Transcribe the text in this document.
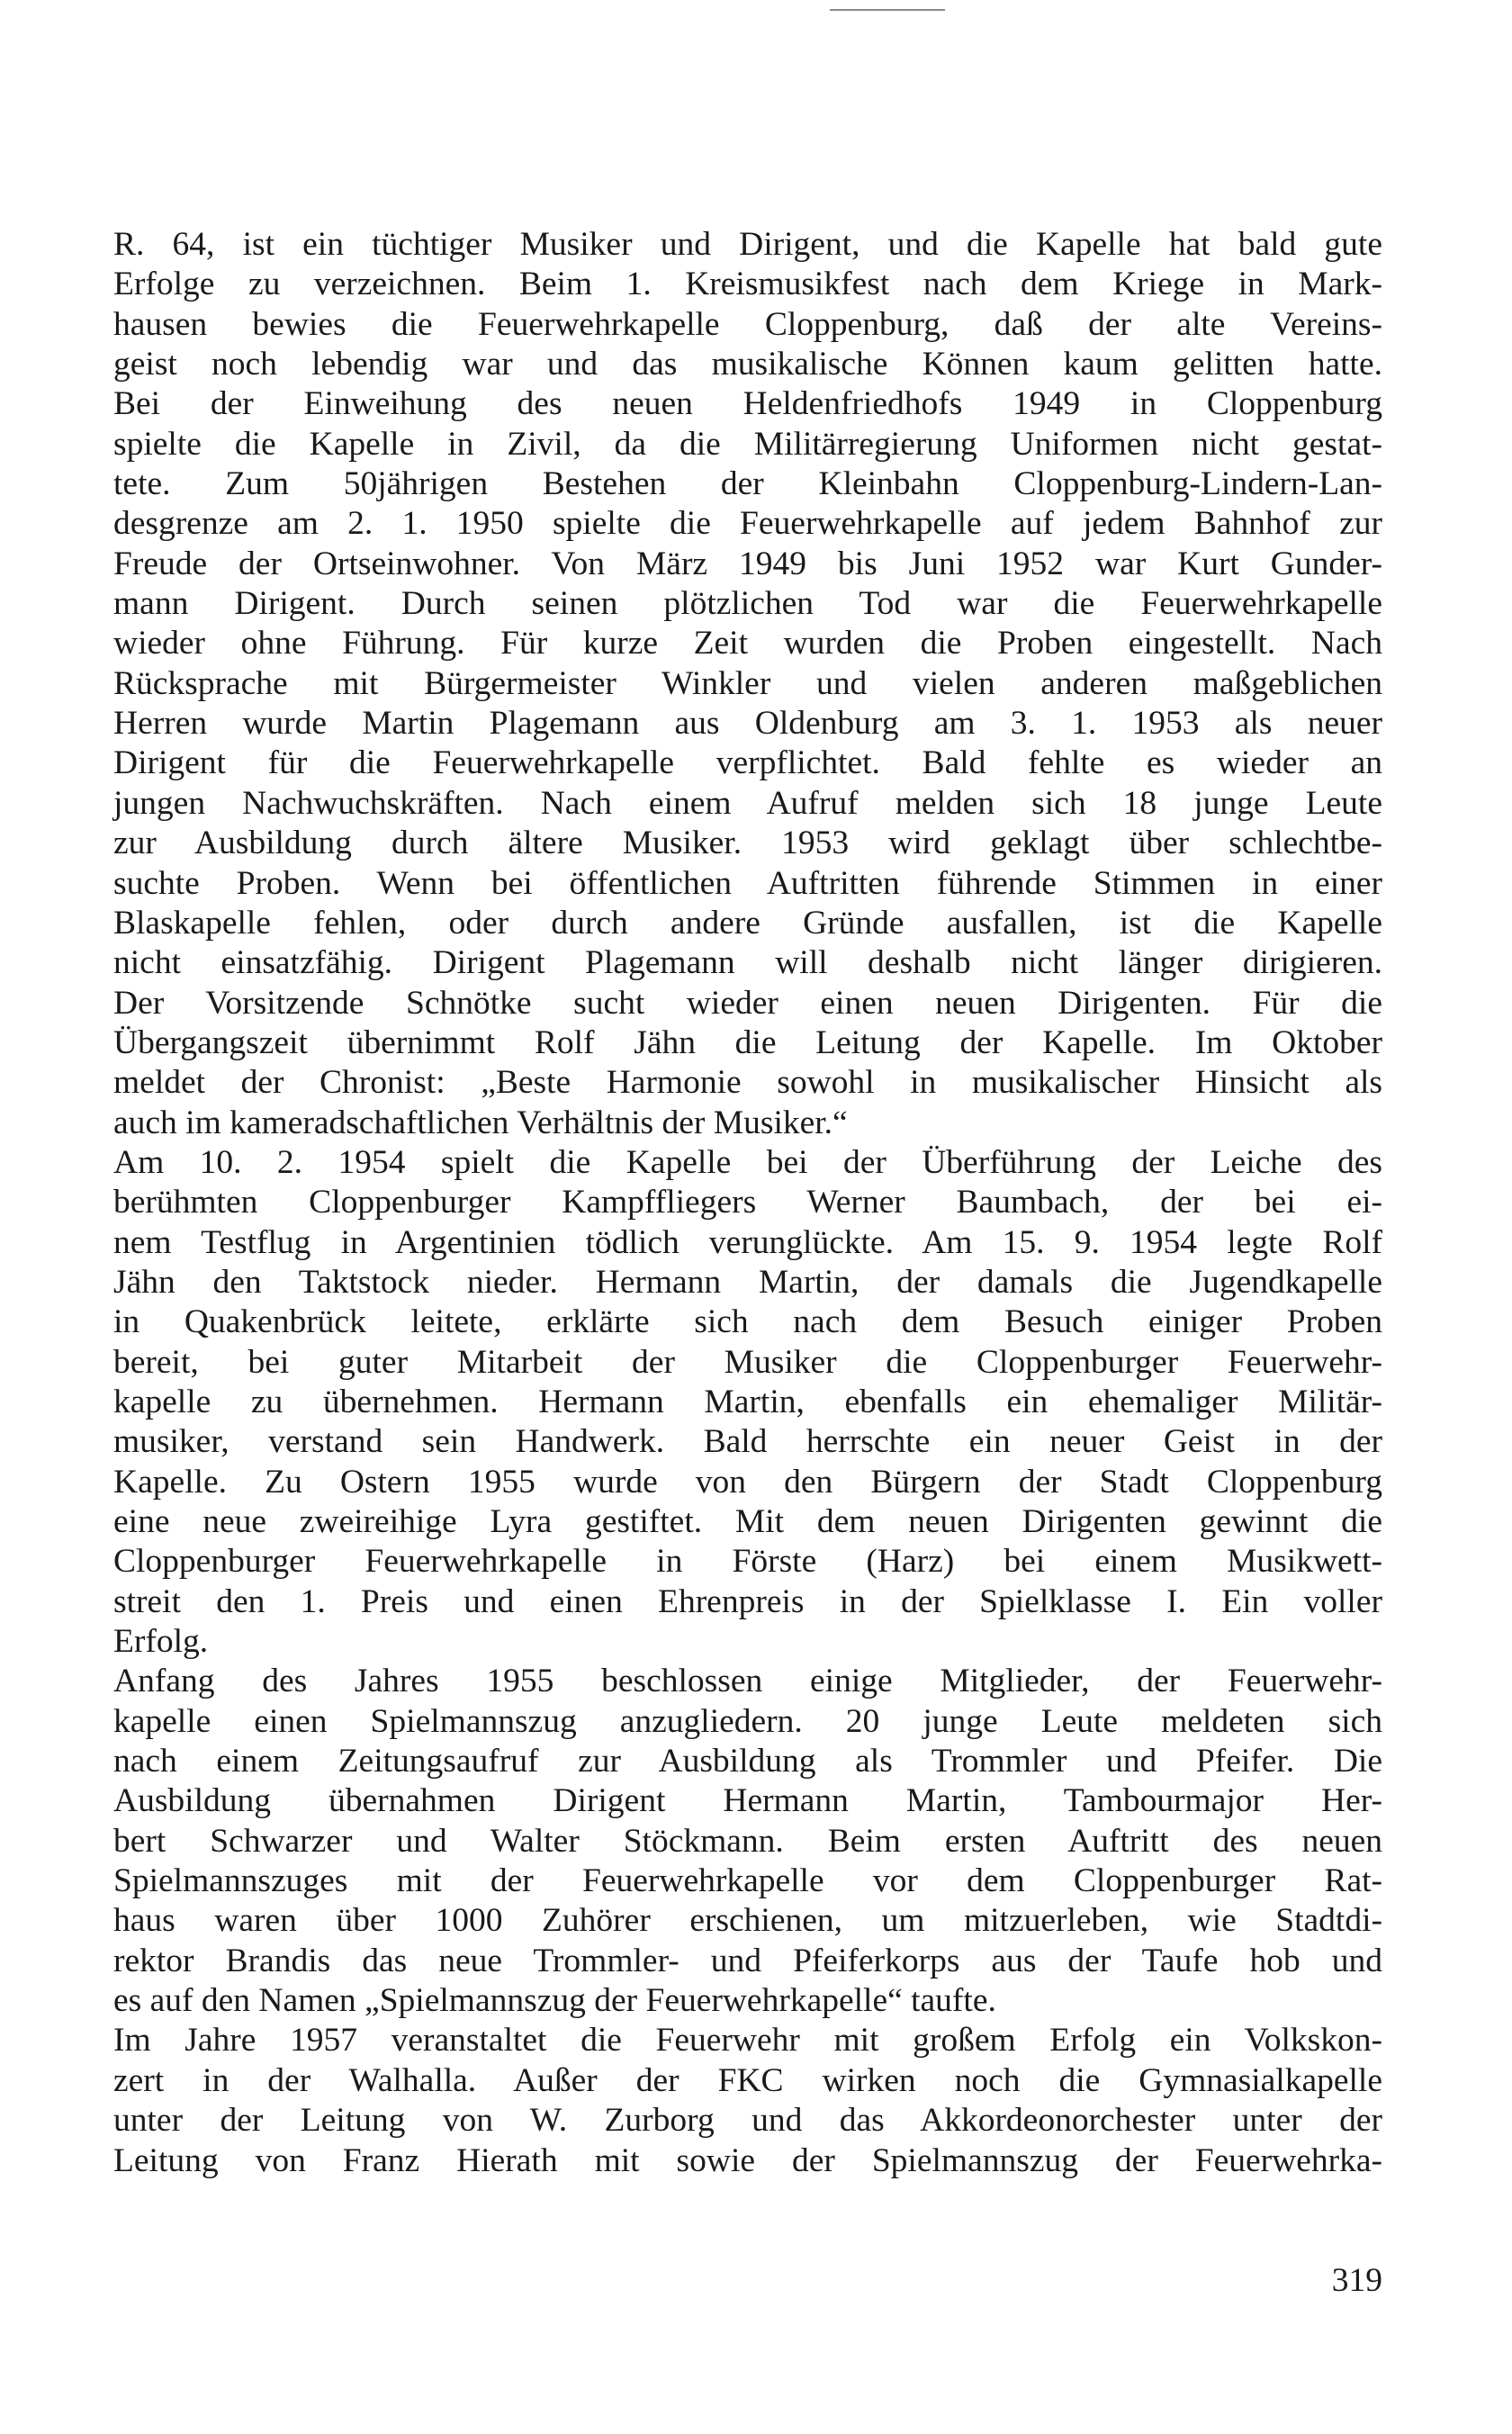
R. 64, ist ein tüchtiger Musiker und Dirigent, und die Kapelle hat bald gute
Erfolge zu verzeichnen. Beim 1. Kreismusikfest nach dem Kriege in Mark-
hausen bewies die Feuerwehrkapelle Cloppenburg, daß der alte Vereins-
geist noch lebendig war und das musikalische Können kaum gelitten hatte.
Bei der Einweihung des neuen Heldenfriedhofs 1949 in Cloppenburg
spielte die Kapelle in Zivil, da die Militärregierung Uniformen nicht gestat-
tete. Zum 50jährigen Bestehen der Kleinbahn Cloppenburg-Lindern-Lan-
desgrenze am 2. 1. 1950 spielte die Feuerwehrkapelle auf jedem Bahnhof zur
Freude der Ortseinwohner. Von März 1949 bis Juni 1952 war Kurt Gunder-
mann Dirigent. Durch seinen plötzlichen Tod war die Feuerwehrkapelle
wieder ohne Führung. Für kurze Zeit wurden die Proben eingestellt. Nach
Rücksprache mit Bürgermeister Winkler und vielen anderen maßgeblichen
Herren wurde Martin Plagemann aus Oldenburg am 3. 1. 1953 als neuer
Dirigent für die Feuerwehrkapelle verpflichtet. Bald fehlte es wieder an
jungen Nachwuchskräften. Nach einem Aufruf melden sich 18 junge Leute
zur Ausbildung durch ältere Musiker. 1953 wird geklagt über schlechtbe-
suchte Proben. Wenn bei öffentlichen Auftritten führende Stimmen in einer
Blaskapelle fehlen, oder durch andere Gründe ausfallen, ist die Kapelle
nicht einsatzfähig. Dirigent Plagemann will deshalb nicht länger dirigieren.
Der Vorsitzende Schnötke sucht wieder einen neuen Dirigenten. Für die
Übergangszeit übernimmt Rolf Jähn die Leitung der Kapelle. Im Oktober
meldet der Chronist: „Beste Harmonie sowohl in musikalischer Hinsicht als
auch im kameradschaftlichen Verhältnis der Musiker.“
Am 10. 2. 1954 spielt die Kapelle bei der Überführung der Leiche des
berühmten Cloppenburger Kampffliegers Werner Baumbach, der bei ei-
nem Testflug in Argentinien tödlich verunglückte. Am 15. 9. 1954 legte Rolf
Jähn den Taktstock nieder. Hermann Martin, der damals die Jugendkapelle
in Quakenbrück leitete, erklärte sich nach dem Besuch einiger Proben
bereit, bei guter Mitarbeit der Musiker die Cloppenburger Feuerwehr-
kapelle zu übernehmen. Hermann Martin, ebenfalls ein ehemaliger Militär-
musiker, verstand sein Handwerk. Bald herrschte ein neuer Geist in der
Kapelle. Zu Ostern 1955 wurde von den Bürgern der Stadt Cloppenburg
eine neue zweireihige Lyra gestiftet. Mit dem neuen Dirigenten gewinnt die
Cloppenburger Feuerwehrkapelle in Förste (Harz) bei einem Musikwett-
streit den 1. Preis und einen Ehrenpreis in der Spielklasse I. Ein voller
Erfolg.
Anfang des Jahres 1955 beschlossen einige Mitglieder, der Feuerwehr-
kapelle einen Spielmannszug anzugliedern. 20 junge Leute meldeten sich
nach einem Zeitungsaufruf zur Ausbildung als Trommler und Pfeifer. Die
Ausbildung übernahmen Dirigent Hermann Martin, Tambourmajor Her-
bert Schwarzer und Walter Stöckmann. Beim ersten Auftritt des neuen
Spielmannszuges mit der Feuerwehrkapelle vor dem Cloppenburger Rat-
haus waren über 1000 Zuhörer erschienen, um mitzuerleben, wie Stadtdi-
rektor Brandis das neue Trommler- und Pfeiferkorps aus der Taufe hob und
es auf den Namen „Spielmannszug der Feuerwehrkapelle“ taufte.
Im Jahre 1957 veranstaltet die Feuerwehr mit großem Erfolg ein Volkskon-
zert in der Walhalla. Außer der FKC wirken noch die Gymnasialkapelle
unter der Leitung von W. Zurborg und das Akkordeonorchester unter der
Leitung von Franz Hierath mit sowie der Spielmannszug der Feuerwehrka-
319
